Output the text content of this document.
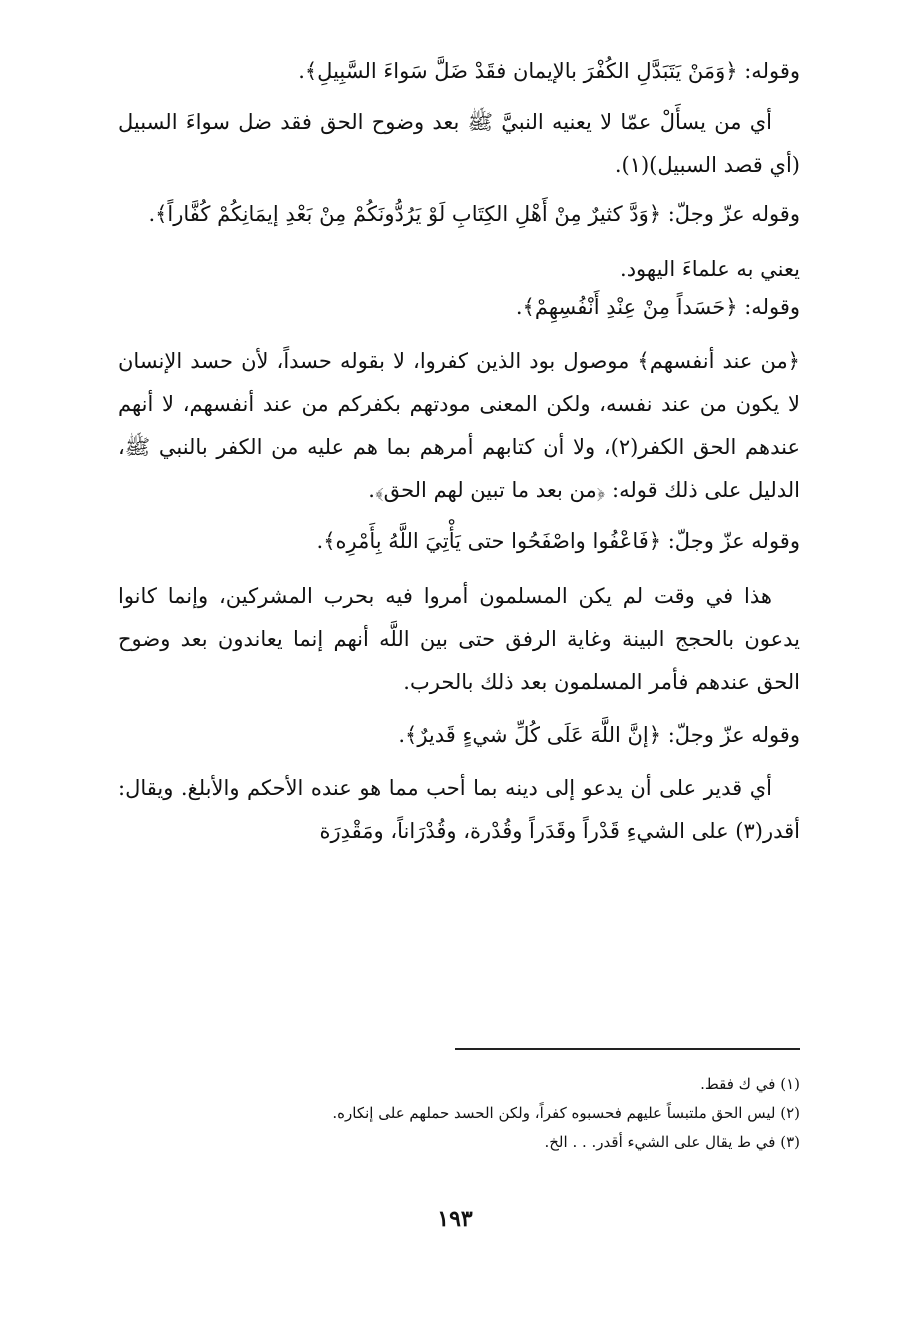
وقوله: ﴿وَمَنْ يَتَبَدَّلِ الكُفْرَ بالإيمان فقَدْ ضَلَّ سَواءَ السَّبِيلِ﴾.

أي من يسأَلْ عمّا لا يعنيه النبيَّ ﷺ بعد وضوح الحق فقد ضل سواءَ السبيل (أي قصد السبيل)(١).

وقوله عزّ وجلّ: ﴿وَدَّ كثيرٌ مِنْ أَهْلِ الكِتَابِ لَوْ يَرُدُّونَكُمْ مِنْ بَعْدِ إيمَانِكُمْ كُفَّاراً﴾.

يعني به علماءَ اليهود.

وقوله: ﴿حَسَداً مِنْ عِنْدِ أَنْفُسِهِمْ﴾.

﴿من عند أنفسهم﴾ موصول بود الذين كفروا، لا بقوله حسداً، لأن حسد الإنسان لا يكون من عند نفسه، ولكن المعنى مودتهم بكفركم من عند أنفسهم، لا أنهم عندهم الحق الكفر(٢)، ولا أن كتابهم أمرهم بما هم عليه من الكفر بالنبي ﷺ، الدليل على ذلك قوله: ﴿من بعد ما تبين لهم الحق﴾.

وقوله عزّ وجلّ: ﴿فَاعْفُوا واصْفَحُوا حتى يَأْتِيَ اللَّهُ بِأَمْرِه﴾.

هذا في وقت لم يكن المسلمون أمروا فيه بحرب المشركين، وإنما كانوا يدعون بالحجج البينة وغاية الرفق حتى بين اللَّه أنهم إنما يعاندون بعد وضوح الحق عندهم فأمر المسلمون بعد ذلك بالحرب.

وقوله عزّ وجلّ: ﴿إنَّ اللَّهَ عَلَى كُلِّ شيءٍ قَديرٌ﴾.

أي قدير على أن يدعو إلى دينه بما أحب مما هو عنده الأحكم والأبلغ. ويقال: أقدر(٣) على الشيءِ قَدْراً وقَدَراً وقُدْرة، وقُدْرَاناً، ومَقْدِرَة

(١) في ك فقط.

(٢) ليس الحق ملتبساً عليهم فحسبوه كفراً، ولكن الحسد حملهم على إنكاره.

(٣) في ط يقال على الشيء أقدر. . . الخ.

١٩٣
